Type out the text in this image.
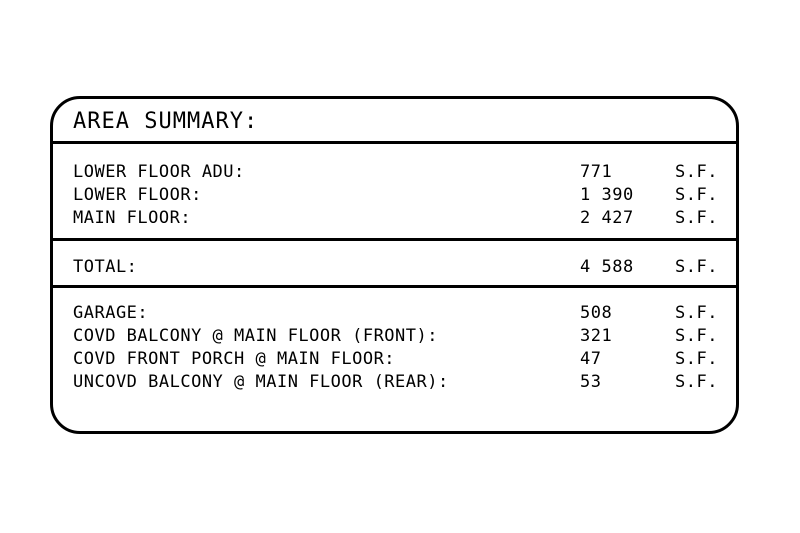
AREA SUMMARY:
LOWER FLOOR ADU:	771	S.F.
LOWER FLOOR:	1 390 S.F.
MAIN FLOOR:	2 427 S.F.
TOTAL:	4 588 S.F.
GARAGE:	508	S.F.
COVD BALCONY @ MAIN FLOOR (FRONT):	321	S.F.
COVD FRONT PORCH @ MAIN FLOOR:	47	S.F.
UNCOVD BALCONY @ MAIN FLOOR (REAR):	53	S.F.
